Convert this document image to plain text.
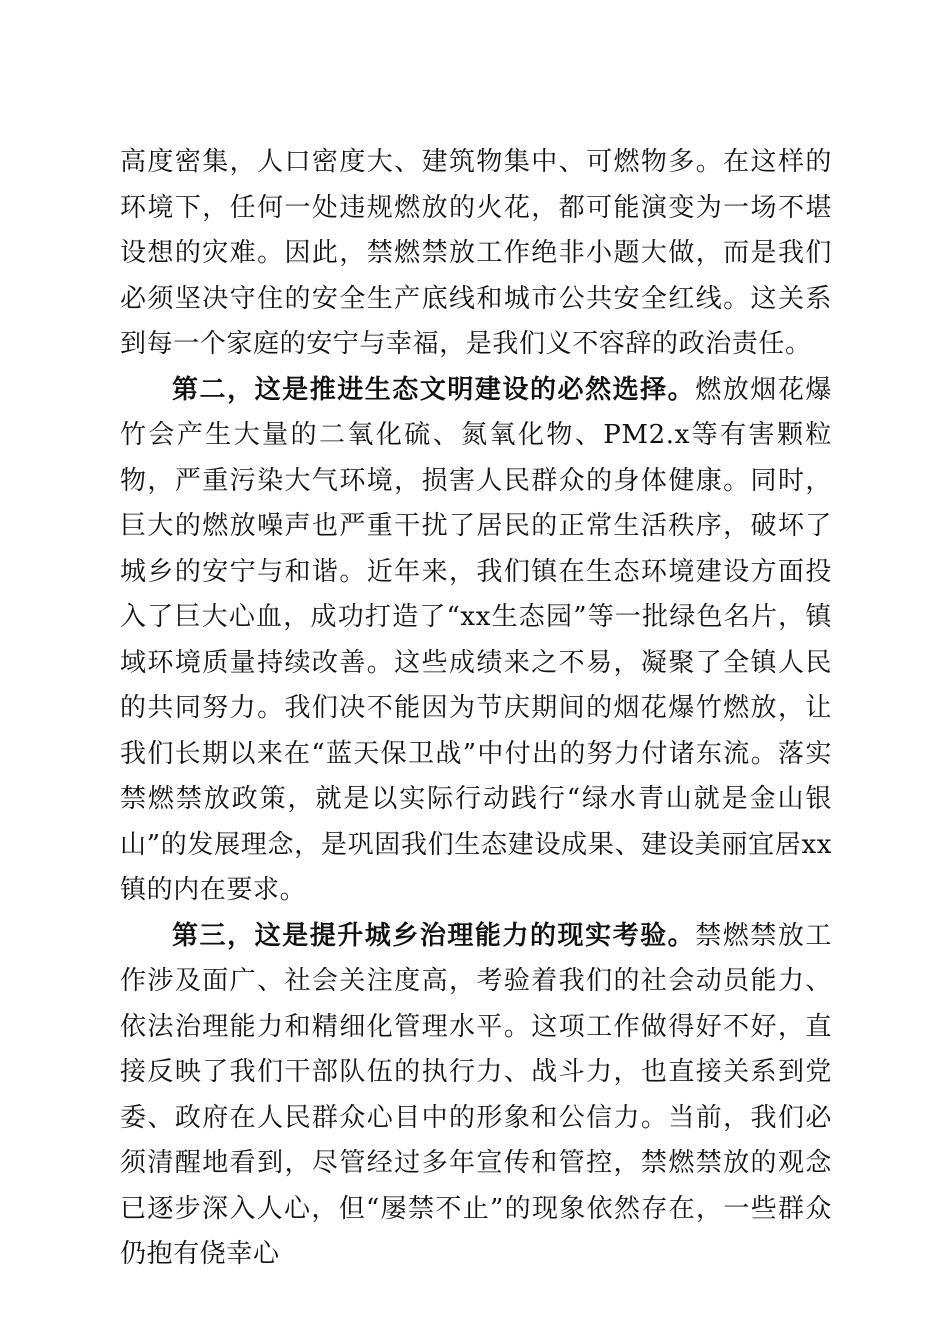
高度密集，人口密度大、建筑物集中、可燃物多。在这样的环境下，任何一处违规燃放的火花，都可能演变为一场不堪设想的灾难。因此，禁燃禁放工作绝非小题大做，而是我们必须坚决守住的安全生产底线和城市公共安全红线。这关系到每一个家庭的安宁与幸福，是我们义不容辞的政治责任。

第二，这是推进生态文明建设的必然选择。燃放烟花爆竹会产生大量的二氧化硫、氮氧化物、PM2.x等有害颗粒物，严重污染大气环境，损害人民群众的身体健康。同时，巨大的燃放噪声也严重干扰了居民的正常生活秩序，破坏了城乡的安宁与和谐。近年来，我们镇在生态环境建设方面投入了巨大心血，成功打造了“xx生态园”等一批绿色名片，镇域环境质量持续改善。这些成绩来之不易，凝聚了全镇人民的共同努力。我们决不能因为节庆期间的烟花爆竹燃放，让我们长期以来在“蓝天保卫战”中付出的努力付诸东流。落实禁燃禁放政策，就是以实际行动践行“绿水青山就是金山银山”的发展理念，是巩固我们生态建设成果、建设美丽宜居xx镇的内在要求。

第三，这是提升城乡治理能力的现实考验。禁燃禁放工作涉及面广、社会关注度高，考验着我们的社会动员能力、依法治理能力和精细化管理水平。这项工作做得好不好，直接反映了我们干部队伍的执行力、战斗力，也直接关系到党委、政府在人民群众心目中的形象和公信力。当前，我们必须清醒地看到，尽管经过多年宣传和管控，禁燃禁放的观念已逐步深入人心，但“屡禁不止”的现象依然存在，一些群众仍抱有侥幸心
